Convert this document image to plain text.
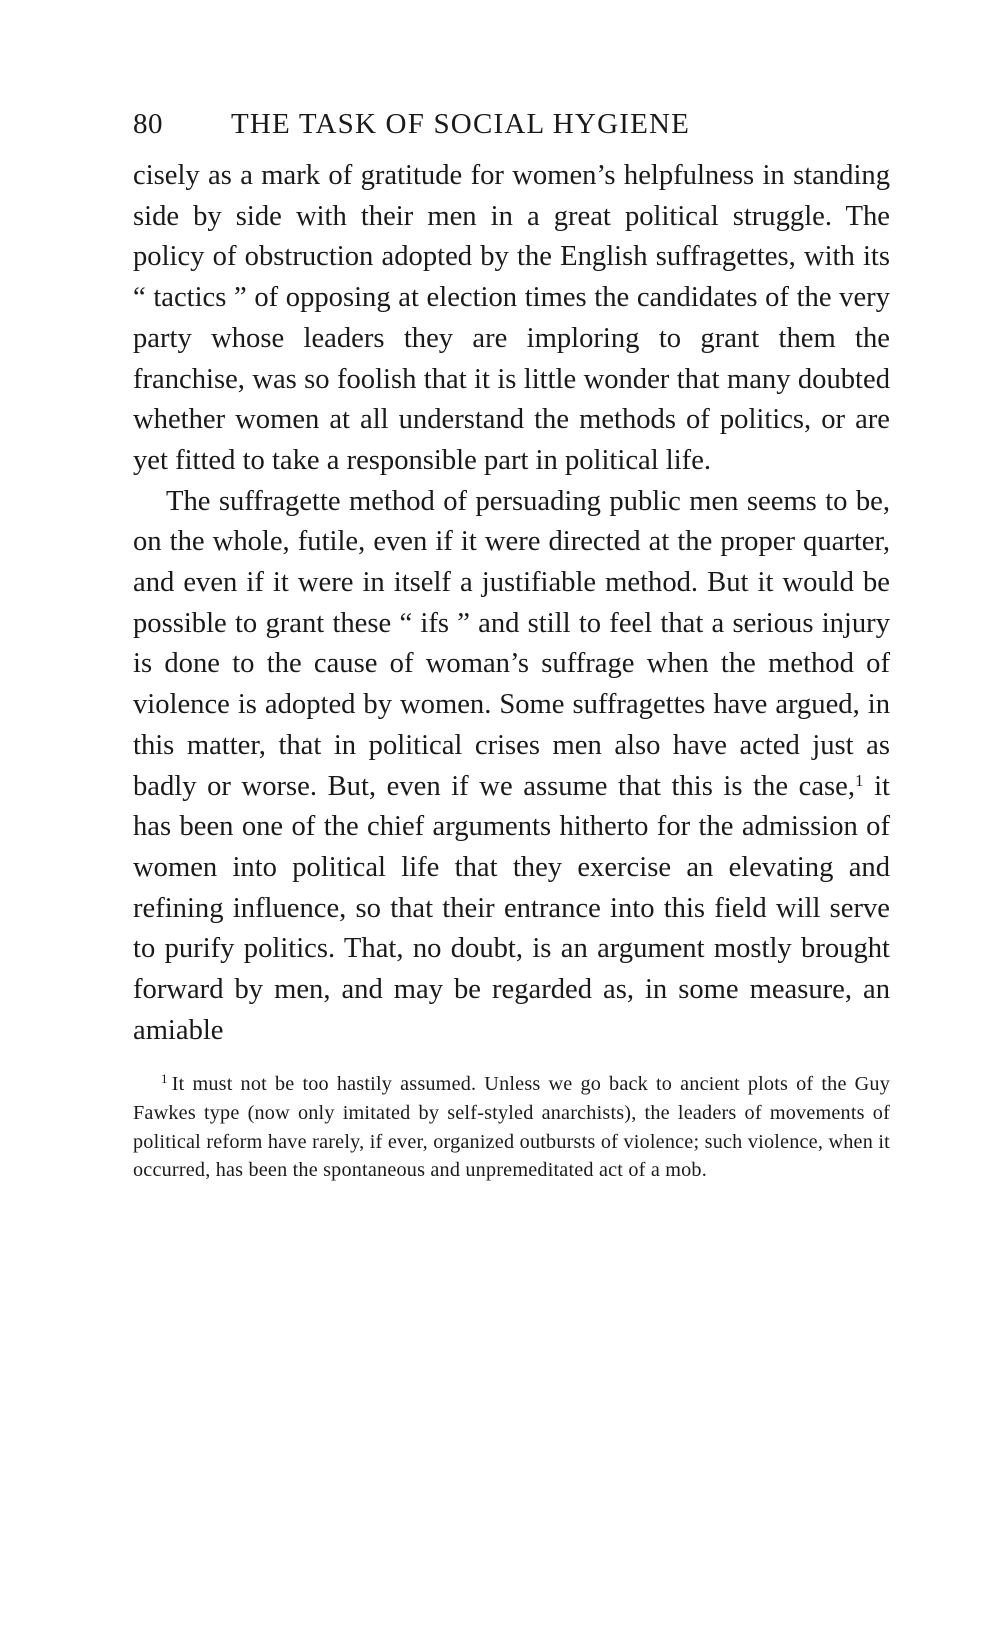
80	THE TASK OF SOCIAL HYGIENE

cisely as a mark of gratitude for women’s helpfulness in standing side by side with their men in a great political struggle. The policy of obstruction adopted by the English suffragettes, with its “ tactics ” of opposing at election times the candidates of the very party whose leaders they are imploring to grant them the franchise, was so foolish that it is little wonder that many doubted whether women at all understand the methods of politics, or are yet fitted to take a responsible part in political life.

The suffragette method of persuading public men seems to be, on the whole, futile, even if it were directed at the proper quarter, and even if it were in itself a justifiable method. But it would be possible to grant these “ ifs ” and still to feel that a serious injury is done to the cause of woman’s suffrage when the method of violence is adopted by women. Some suffragettes have argued, in this matter, that in political crises men also have acted just as badly or worse. But, even if we assume that this is the case,$^1$ it has been one of the chief arguments hitherto for the admission of women into political life that they exercise an elevating and refining influence, so that their entrance into this field will serve to purify politics. That, no doubt, is an argument mostly brought forward by men, and may be regarded as, in some measure, an amiable

$^1$ It must not be too hastily assumed. Unless we go back to ancient plots of the Guy Fawkes type (now only imitated by self-styled anarchists), the leaders of movements of political reform have rarely, if ever, organized outbursts of violence; such violence, when it occurred, has been the spontaneous and unpremeditated act of a mob.
